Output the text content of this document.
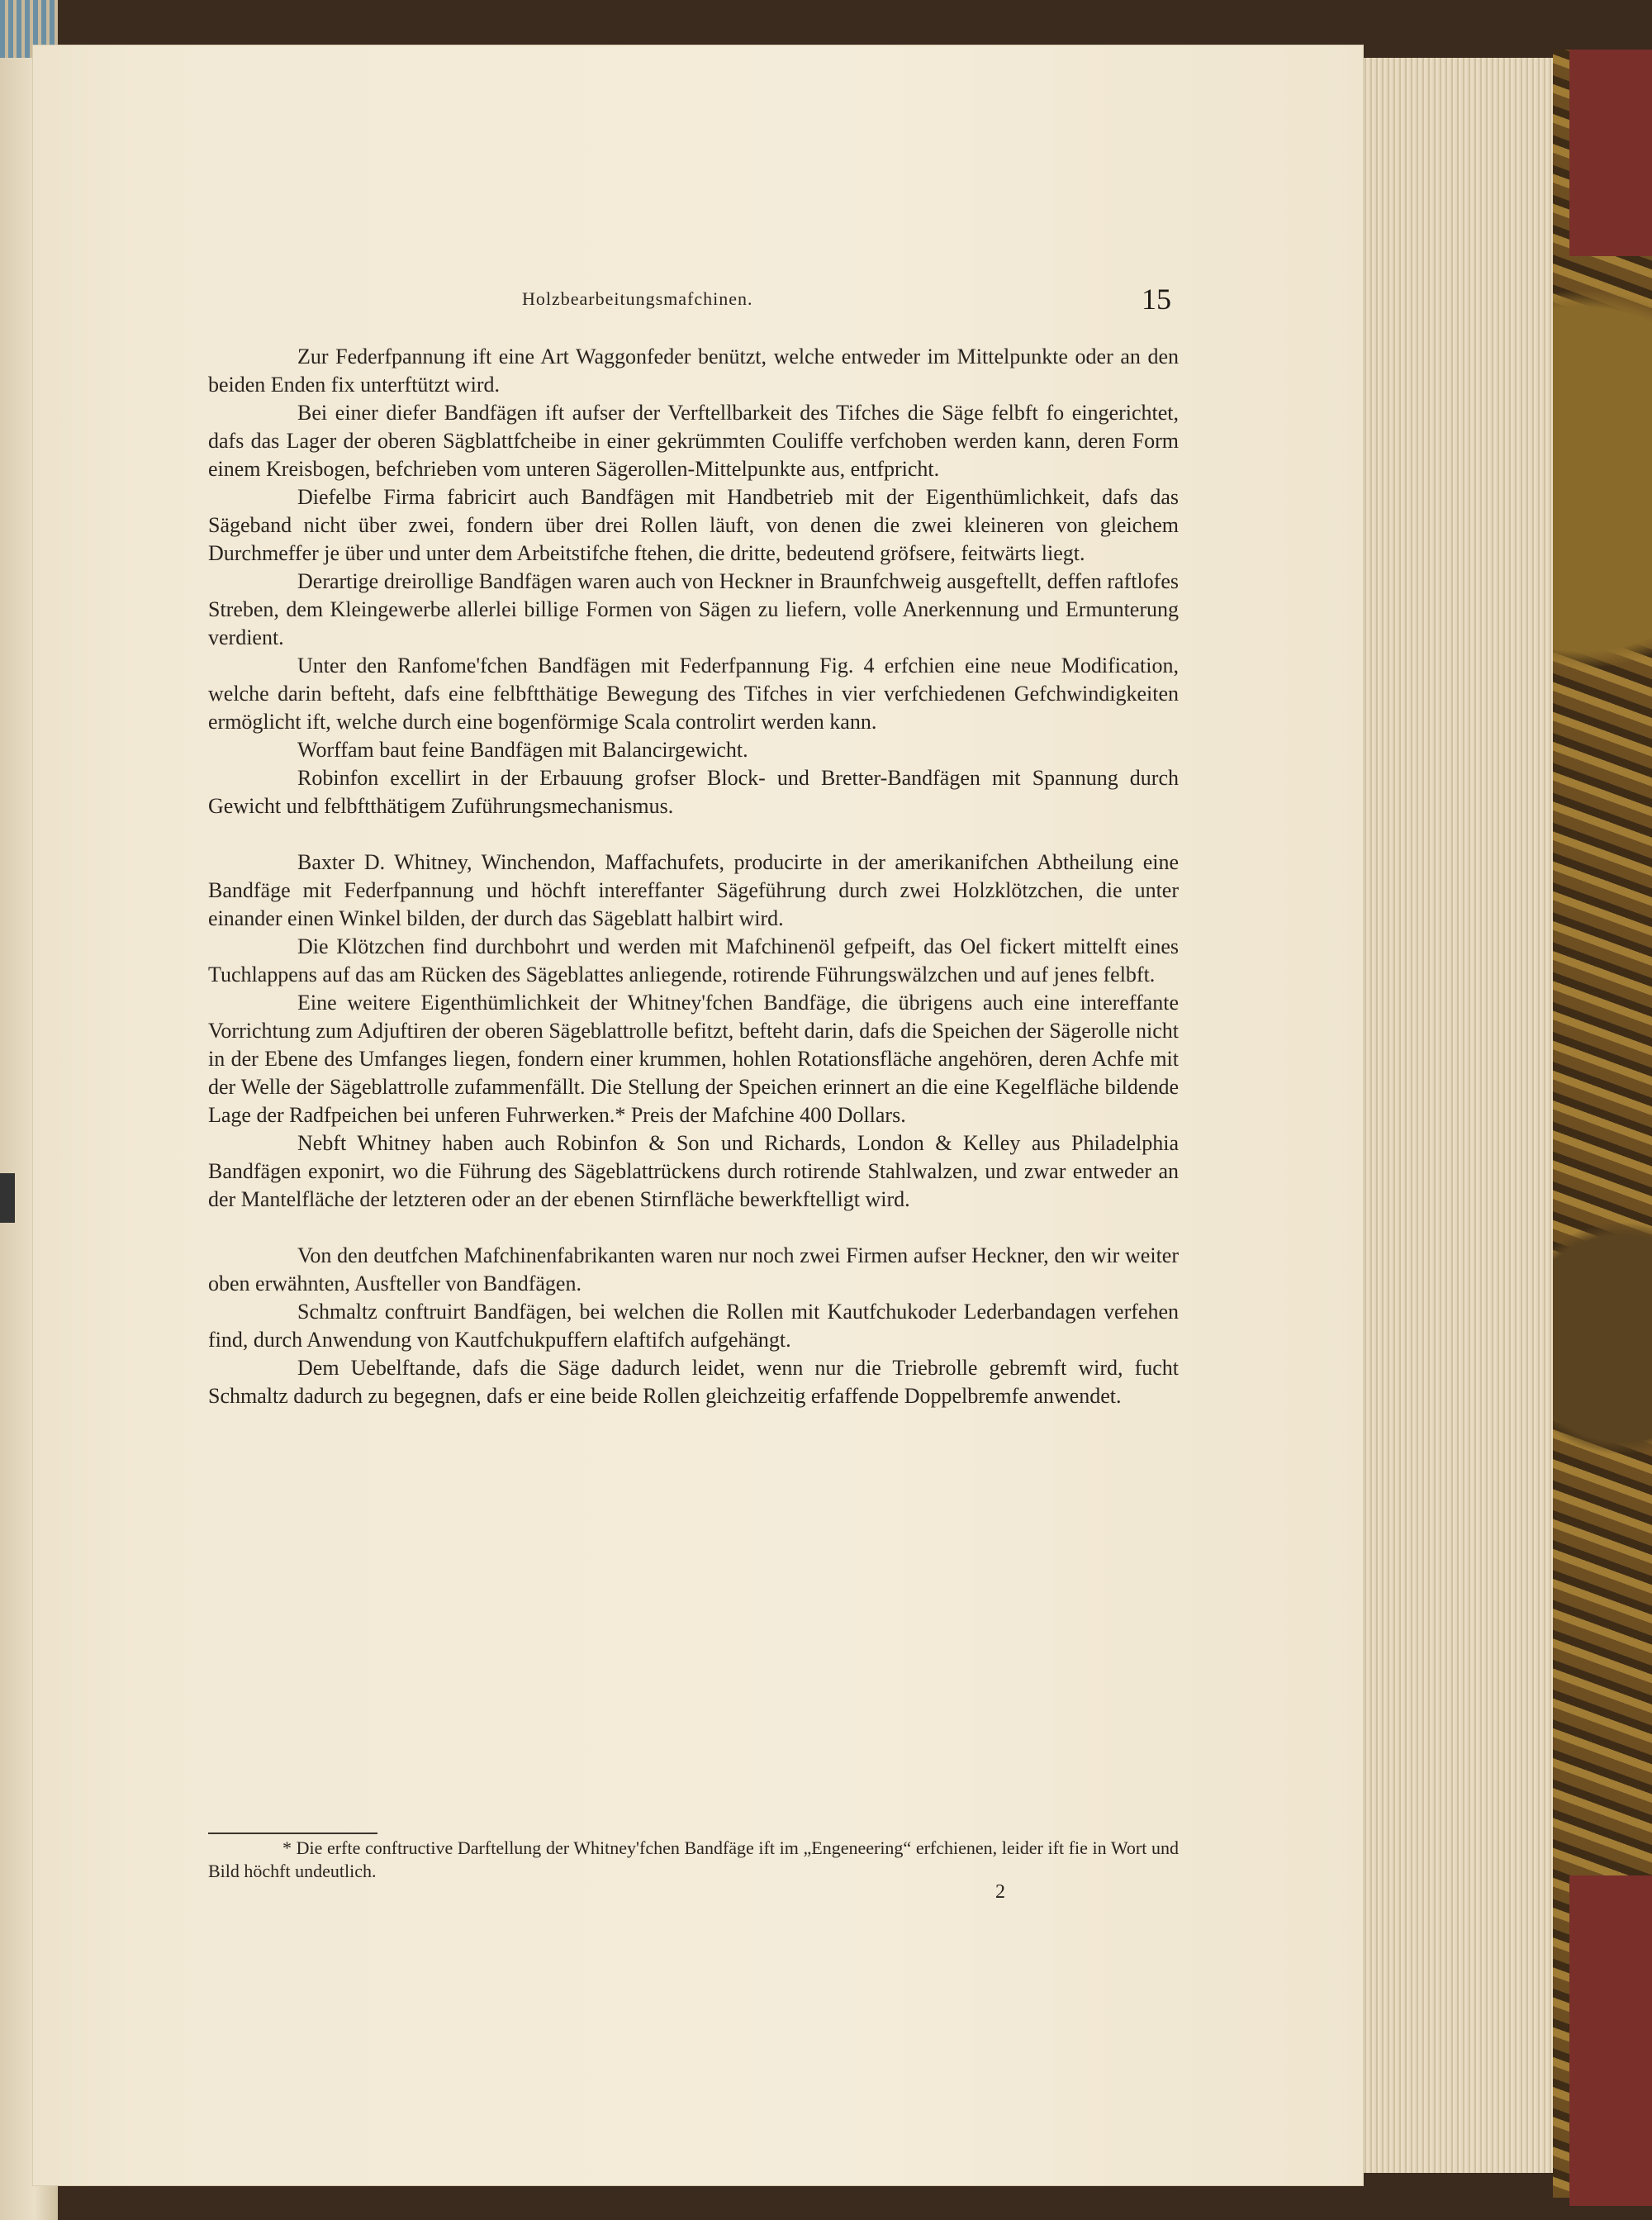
Holzbearbeitungsmafchinen.	15

Zur Federfpannung ift eine Art Waggonfeder benützt, welche entweder im Mittelpunkte oder an den beiden Enden fix unterftützt wird.

Bei einer diefer Bandfägen ift aufser der Verftellbarkeit des Tifches die Säge felbft fo eingerichtet, dafs das Lager der oberen Sägblattfcheibe in einer gekrümmten Couliffe verfchoben werden kann, deren Form einem Kreisbogen, befchrieben vom unteren Sägerollen-Mittelpunkte aus, entfpricht.

Diefelbe Firma fabricirt auch Bandfägen mit Handbetrieb mit der Eigenthümlichkeit, dafs das Sägeband nicht über zwei, fondern über drei Rollen läuft, von denen die zwei kleineren von gleichem Durchmeffer je über und unter dem Arbeitstifche ftehen, die dritte, bedeutend gröfsere, feitwärts liegt.

Derartige dreirollige Bandfägen waren auch von Heckner in Braunfchweig ausgeftellt, deffen raftlofes Streben, dem Kleingewerbe allerlei billige Formen von Sägen zu liefern, volle Anerkennung und Ermunterung verdient.

Unter den Ranfome'fchen Bandfägen mit Federfpannung Fig. 4 erfchien eine neue Modification, welche darin befteht, dafs eine felbftthätige Bewegung des Tifches in vier verfchiedenen Gefchwindigkeiten ermöglicht ift, welche durch eine bogenförmige Scala controlirt werden kann.

Worffam baut feine Bandfägen mit Balancirgewicht.

Robinfon excellirt in der Erbauung grofser Block- und Bretter-Bandfägen mit Spannung durch Gewicht und felbftthätigem Zuführungsmechanismus.

Baxter D. Whitney, Winchendon, Maffachufets, producirte in der amerikanifchen Abtheilung eine Bandfäge mit Federfpannung und höchft intereffanter Sägeführung durch zwei Holzklötzchen, die unter einander einen Winkel bilden, der durch das Sägeblatt halbirt wird.

Die Klötzchen find durchbohrt und werden mit Mafchinenöl gefpeift, das Oel fickert mittelft eines Tuchlappens auf das am Rücken des Sägeblattes anliegende, rotirende Führungswälzchen und auf jenes felbft.

Eine weitere Eigenthümlichkeit der Whitney'fchen Bandfäge, die übrigens auch eine intereffante Vorrichtung zum Adjuftiren der oberen Sägeblattrolle befitzt, befteht darin, dafs die Speichen der Sägerolle nicht in der Ebene des Umfanges liegen, fondern einer krummen, hohlen Rotationsfläche angehören, deren Achfe mit der Welle der Sägeblattrolle zufammenfällt. Die Stellung der Speichen erinnert an die eine Kegelfläche bildende Lage der Radfpeichen bei unferen Fuhrwerken.* Preis der Mafchine 400 Dollars.

Nebft Whitney haben auch Robinfon & Son und Richards, London & Kelley aus Philadelphia Bandfägen exponirt, wo die Führung des Sägeblattrückens durch rotirende Stahlwalzen, und zwar entweder an der Mantelfläche der letzteren oder an der ebenen Stirnfläche bewerkftelligt wird.

Von den deutfchen Mafchinenfabrikanten waren nur noch zwei Firmen aufser Heckner, den wir weiter oben erwähnten, Ausfteller von Bandfägen.

Schmaltz conftruirt Bandfägen, bei welchen die Rollen mit Kautfchukoder Lederbandagen verfehen find, durch Anwendung von Kautfchukpuffern elaftifch aufgehängt.

Dem Uebelftande, dafs die Säge dadurch leidet, wenn nur die Triebrolle gebremft wird, fucht Schmaltz dadurch zu begegnen, dafs er eine beide Rollen gleichzeitig erfaffende Doppelbremfe anwendet.

* Die erfte conftructive Darftellung der Whitney'fchen Bandfäge ift im „Engeneering“ erfchienen, leider ift fie in Wort und Bild höchft undeutlich.
2
